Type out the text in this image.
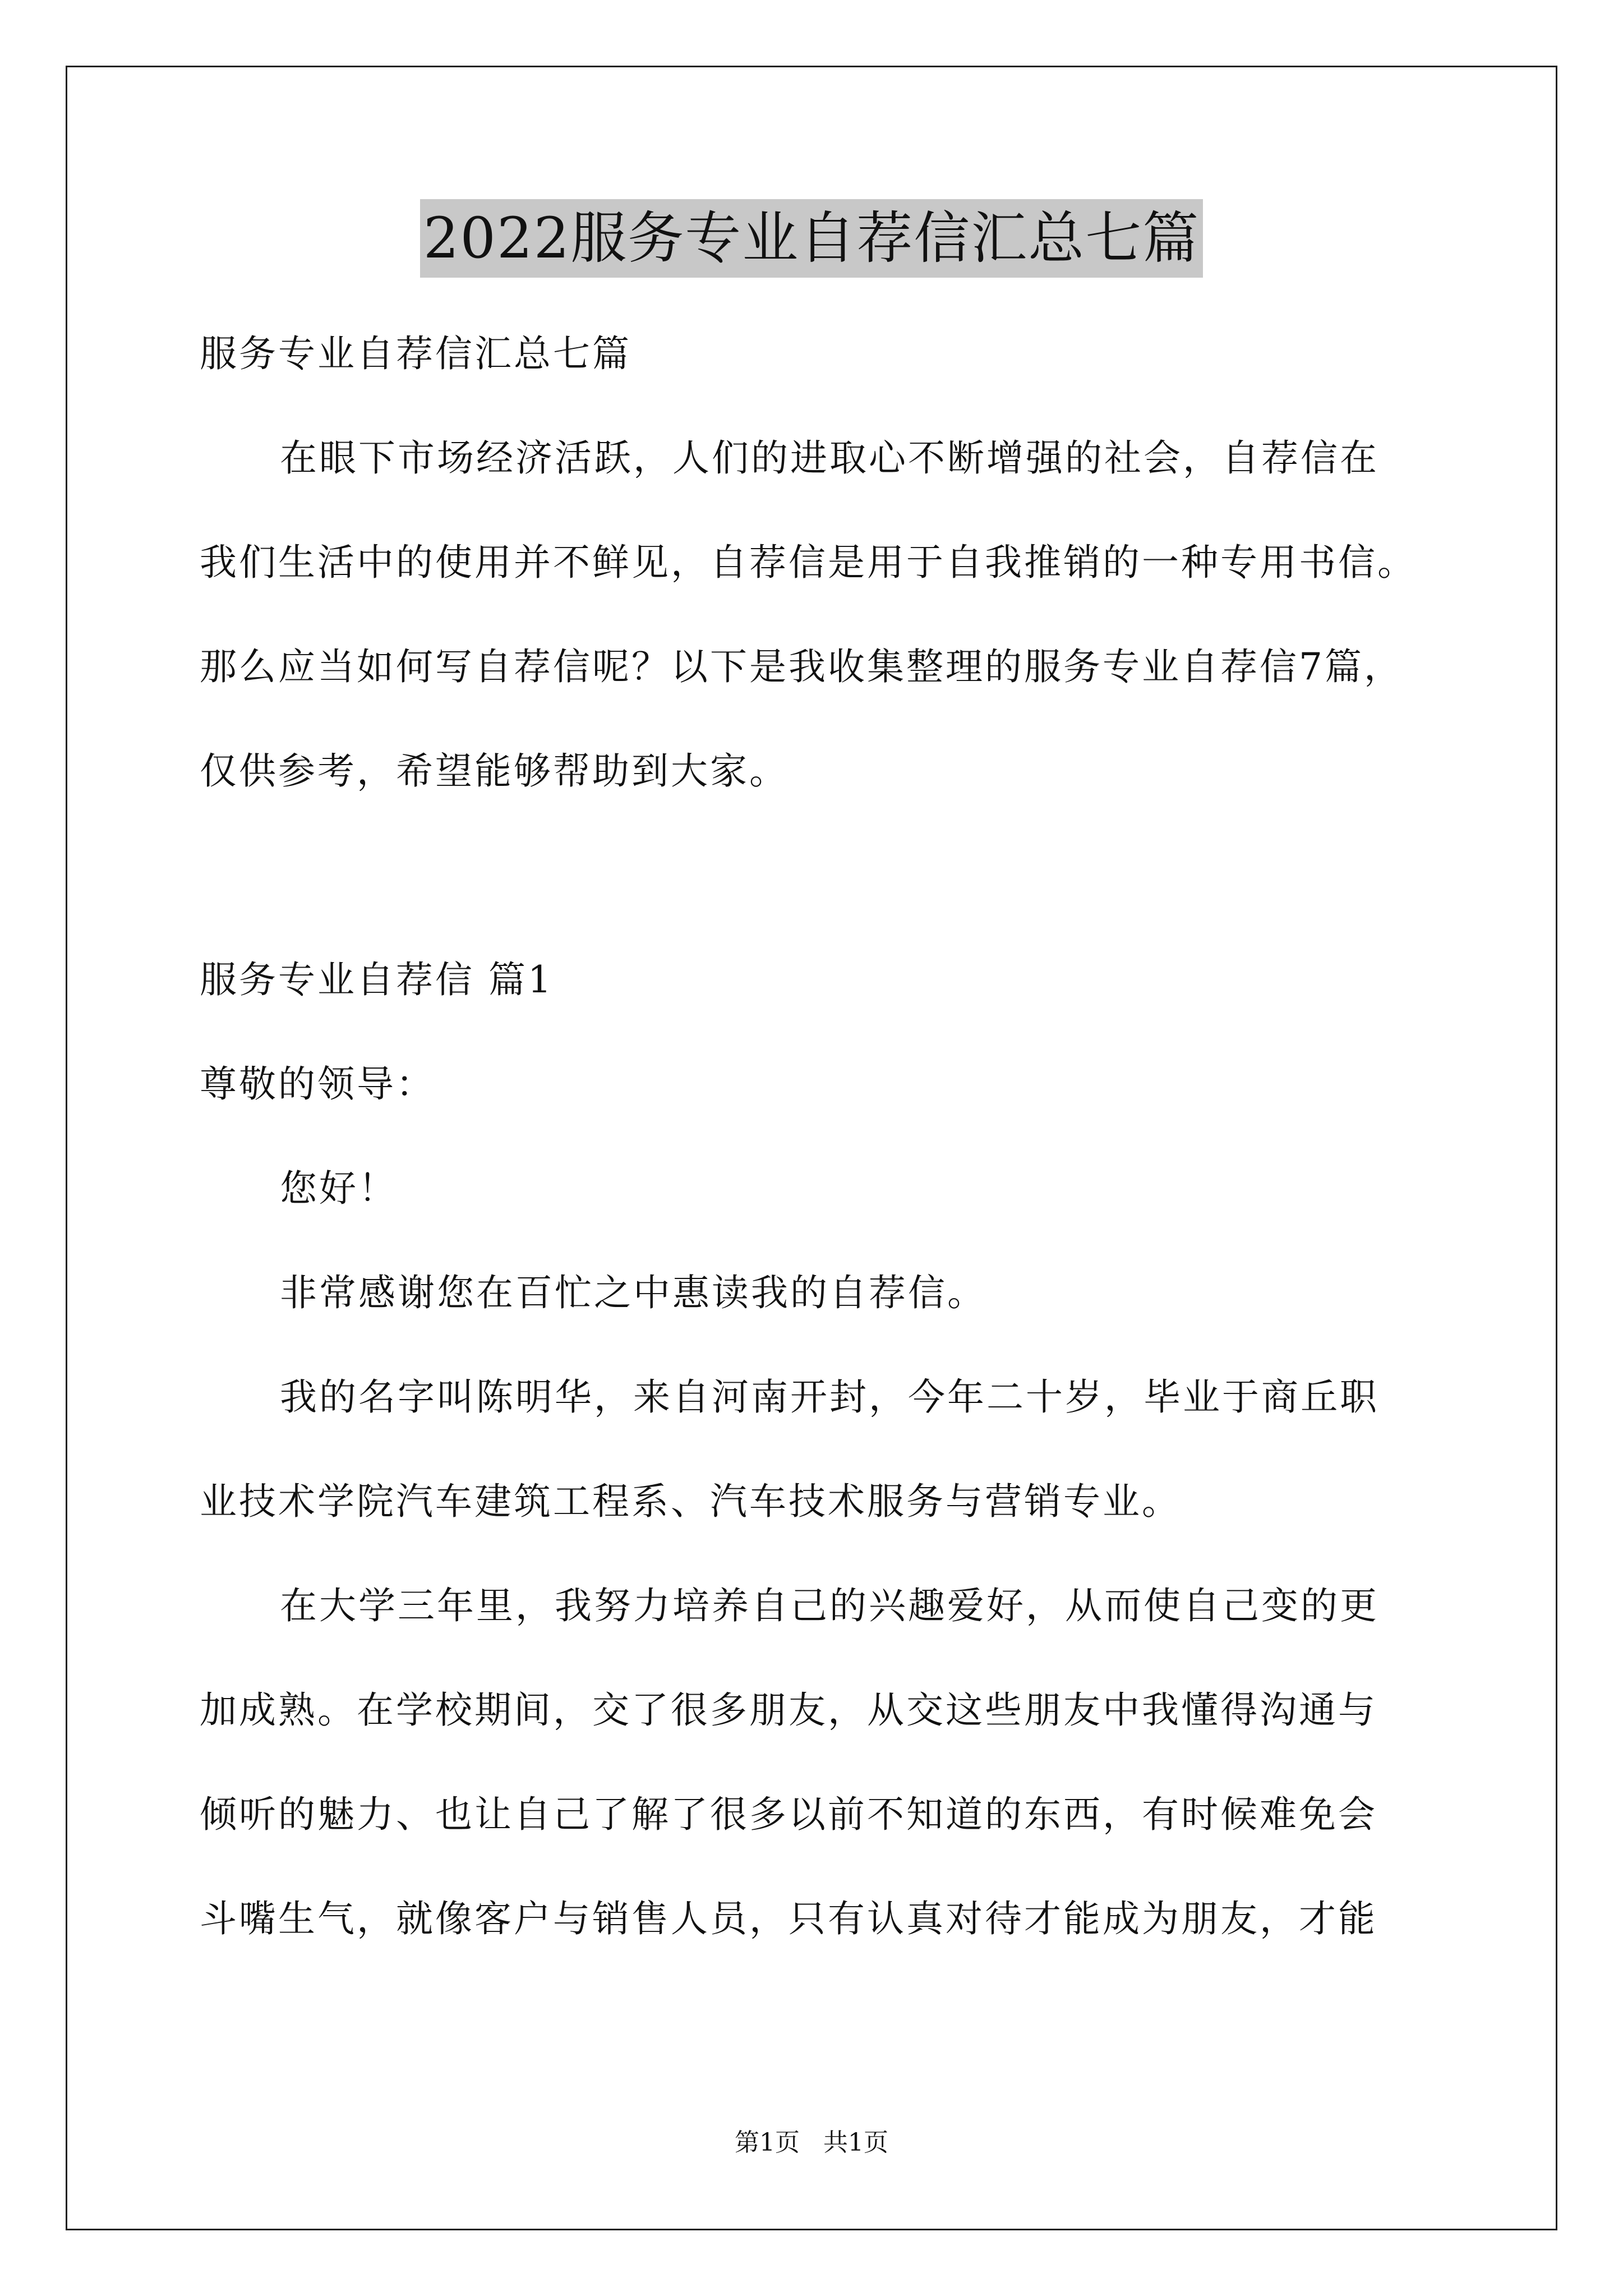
2022服务专业自荐信汇总七篇
服务专业自荐信汇总七篇
在眼下市场经济活跃，人们的进取心不断增强的社会，自荐信在
我们生活中的使用并不鲜见，自荐信是用于自我推销的一种专用书信。
那么应当如何写自荐信呢？以下是我收集整理的服务专业自荐信7篇，
仅供参考，希望能够帮助到大家。
服务专业自荐信 篇1
尊敬的领导：
您好！
非常感谢您在百忙之中惠读我的自荐信。
我的名字叫陈明华，来自河南开封，今年二十岁，毕业于商丘职
业技术学院汽车建筑工程系、汽车技术服务与营销专业。
在大学三年里，我努力培养自己的兴趣爱好，从而使自己变的更
加成熟。在学校期间，交了很多朋友，从交这些朋友中我懂得沟通与
倾听的魅力、也让自己了解了很多以前不知道的东西，有时候难免会
斗嘴生气，就像客户与销售人员，只有认真对待才能成为朋友，才能
第1页 共1页
